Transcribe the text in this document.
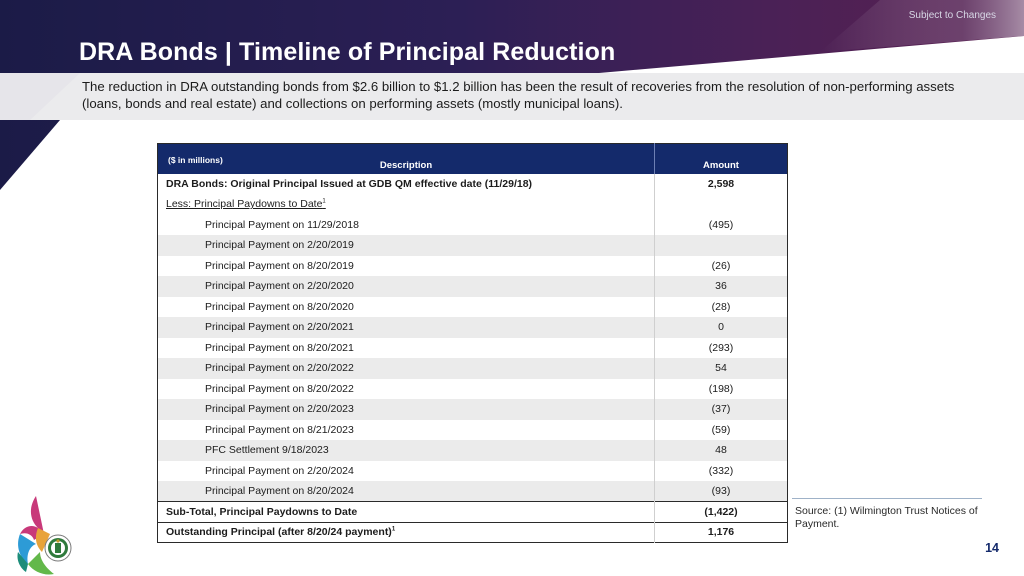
Subject to Changes
DRA Bonds | Timeline of Principal Reduction
The reduction in DRA outstanding bonds from $2.6 billion to $1.2 billion has been the result of recoveries from the resolution of non-performing assets (loans, bonds and real estate) and collections on performing assets (mostly municipal loans).
($ in millions) Description	Amount
DRA Bonds: Original Principal Issued at GDB QM effective date (11/29/18)	2,598
Less: Principal Paydowns to Date$^1$	
Principal Payment on 11/29/2018	(495)
Principal Payment on 2/20/2019	
Principal Payment on 8/20/2019	(26)
Principal Payment on 2/20/2020	36
Principal Payment on 8/20/2020	(28)
Principal Payment on 2/20/2021	0
Principal Payment on 8/20/2021	(293)
Principal Payment on 2/20/2022	54
Principal Payment on 8/20/2022	(198)
Principal Payment on 2/20/2023	(37)
Principal Payment on 8/21/2023	(59)
PFC Settlement 9/18/2023	48
Principal Payment on 2/20/2024	(332)
Principal Payment on 8/20/2024	(93)
Sub-Total, Principal Paydowns to Date	(1,422)
Outstanding Principal (after 8/20/24 payment)$^1$	1,176
Source: (1) Wilmington Trust Notices of Payment.
14
